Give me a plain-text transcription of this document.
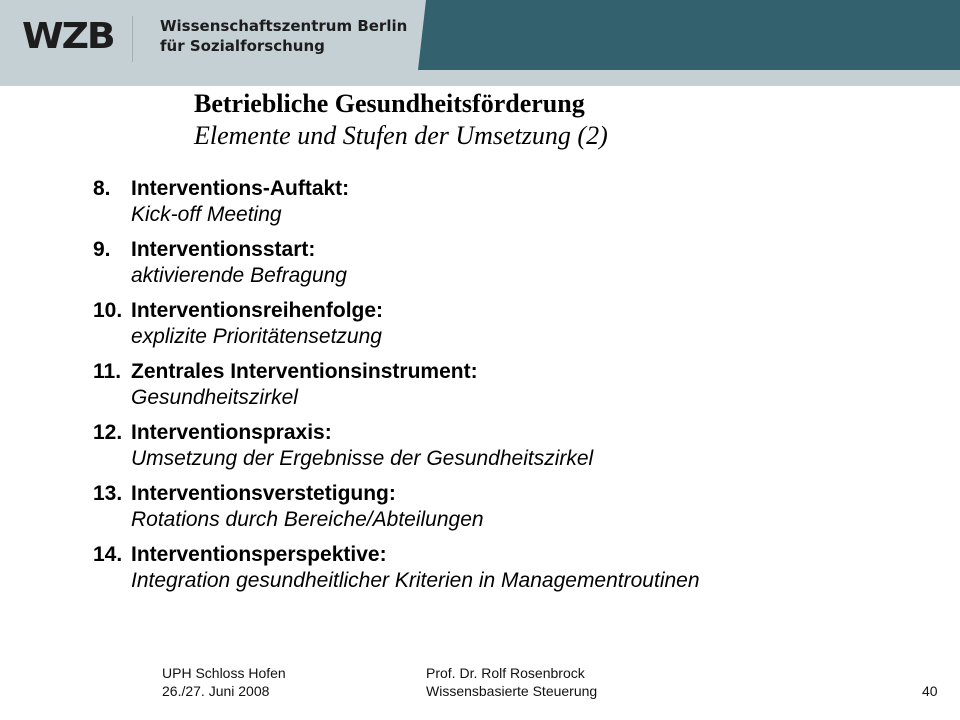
WZB	Wissenschaftszentrum Berlin
für Sozialforschung
Betriebliche Gesundheitsförderung
Elemente und Stufen der Umsetzung (2)
8. Interventions-Auftakt:
Kick-off Meeting
9. Interventionsstart:
aktivierende Befragung
10. Interventionsreihenfolge:
explizite Prioritätensetzung
11. Zentrales Interventionsinstrument:
Gesundheitszirkel
12. Interventionspraxis:
Umsetzung der Ergebnisse der Gesundheitszirkel
13. Interventionsverstetigung:
Rotations durch Bereiche/Abteilungen
14. Interventionsperspektive:
Integration gesundheitlicher Kriterien in Managementroutinen
UPH Schloss Hofen
26./27. Juni 2008
Prof. Dr. Rolf Rosenbrock
Wissensbasierte Steuerung	40
